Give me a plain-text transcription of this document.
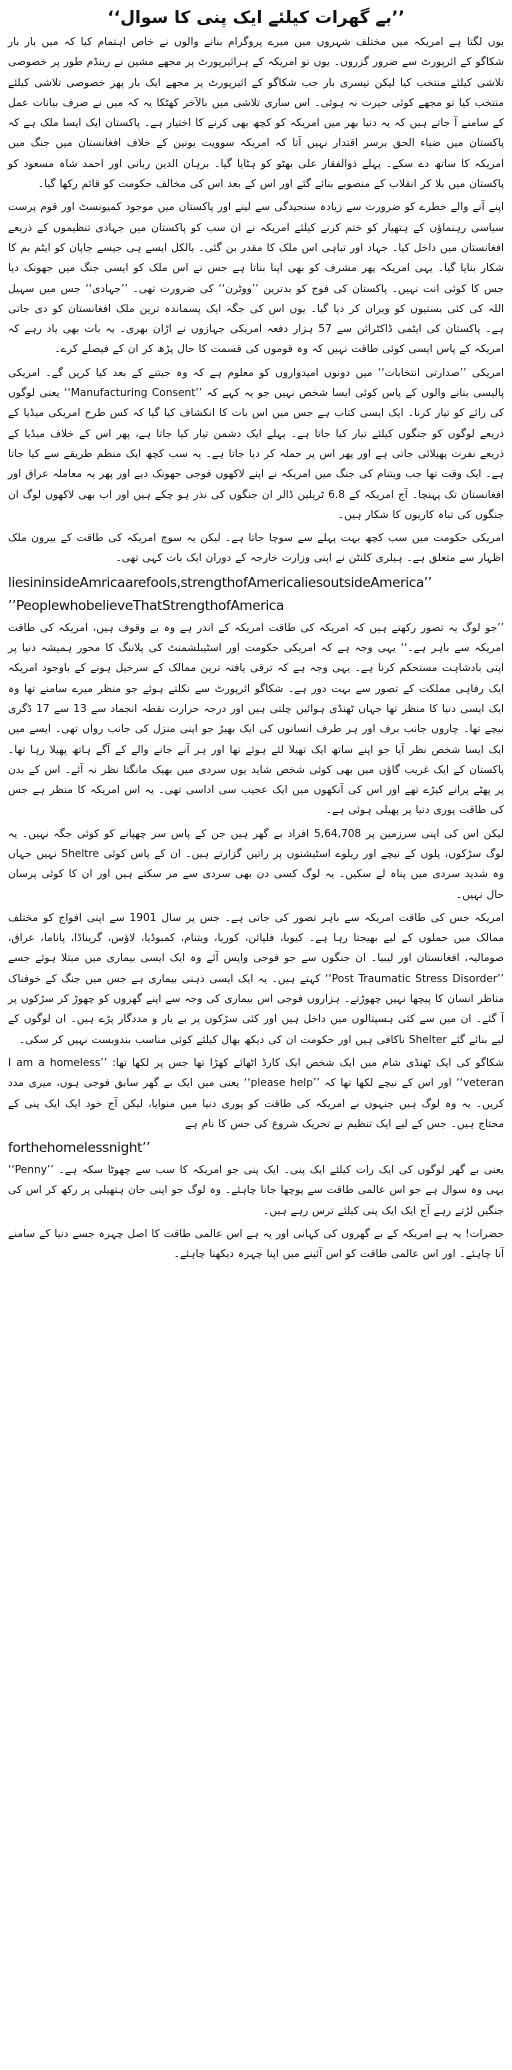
’’بے گھرات کیلئے ایک پنی کا سوال‘‘
یوں لگتا ہے امریکہ میں مختلف شہروں میں میرے پروگرام بنانے والوں نے خاص اہتمام کیا کہ میں بار بار شکاگو کے ائرپورٹ سے ضرور گزروں۔ یوں تو امریکہ کے ہرائیرپورٹ پر مجھے مشین نے رینڈم طور پر خصوصی تلاشی کیلئے منتخب کیا لیکن تیسری بار جب شکاگو کے ائیرپورٹ پر مجھے ایک بار پھر خصوصی تلاشی کیلئے منتخب کیا تو مجھے کوئی حیرت نہ ہوئی۔ اس ساری تلاشی میں بالآخر کھٹکا یہ کہ میں نے صرف بیانات عمل کے سامنے آ جاتے ہیں کہ یہ دنیا بھر میں امریکہ کو کچھ بھی کرنے کا اختیار ہے۔ پاکستان ایک ایسا ملک ہے کہ پاکستان میں ضیاء الحق برسر اقتدار نہیں آتا کہ امریکہ سوویت یونین کے خلاف افغانستان میں جنگ میں امریکہ کا ساتھ دے سکے۔ پہلے ذوالفقار علی بھٹو کو ہٹایا گیا۔ برہان الدین ربانی اور احمد شاہ مسعود کو پاکستان میں بلا کر انقلاب کے منصوبے بنائے گئے اور اس کے بعد اس کی مخالف حکومت کو قائم رکھا گیا۔
اپنے آنے والے خطرے کو ضرورت سے زیادہ سنجیدگی سے لینے اور پاکستان میں موجود کمیونسٹ اور قوم پرست سیاسی رہنماؤں کے ہتھیار کو ختم کرنے کیلئے امریکہ نے ان سب کو پاکستان میں جہادی تنظیموں کے ذریعے افغانستان میں داخل کیا۔ جہاد اور تباہی اس ملک کا مقدر بن گئی۔ بالکل ایسے ہی جیسے جاپان کو ایٹم بم کا شکار بنایا گیا۔ یہی امریکہ پھر مشرف کو بھی اپنا بناتا ہے جس نے اس ملک کو ایسی جنگ میں جھونک دیا جس کا کوئی انت نہیں۔ پاکستان کی فوج کو بدترین ’’ووٹرن‘‘ کی ضرورت تھی۔ ’’جہادی‘‘ جس میں سہیل اللہ کی کئی بستیوں کو ویران کر دیا گیا۔ یوں اس کی جگہ ایک پسماندہ ترین ملک افغانستان کو دی جاتی ہے۔ پاکستان کی ایٹمی ڈاکٹرائن سے 57 ہزار دفعہ امریکی جہازوں نے اڑان بھری۔ یہ بات بھی یاد رہے کہ امریکہ کے پاس ایسی کوئی طاقت نہیں کہ وہ قوموں کی قسمت کا حال پڑھ کر ان کے فیصلے کرے۔
امریکی ’’صدارتی انتخابات‘‘ میں دونوں امیدواروں کو معلوم ہے کہ وہ جیتنے کے بعد کیا کریں گے۔ امریکی پالیسی بنانے والوں کے پاس کوئی ایسا شخص نہیں جو یہ کہے کہ ’’Manufacturing Consent‘‘ یعنی لوگوں کی رائے کو تیار کرنا۔ ایک ایسی کتاب ہے جس میں اس بات کا انکشاف کیا گیا کہ کس طرح امریکی میڈیا کے ذریعے لوگوں کو جنگوں کیلئے تیار کیا جاتا ہے۔ پہلے ایک دشمن تیار کیا جاتا ہے، پھر اس کے خلاف میڈیا کے ذریعے نفرت پھیلائی جاتی ہے اور پھر اس پر حملہ کر دیا جاتا ہے۔ یہ سب کچھ ایک منظم طریقے سے کیا جاتا ہے۔ ایک وقت تھا جب ویتنام کی جنگ میں امریکہ نے اپنے لاکھوں فوجی جھونک دیے اور پھر یہ معاملہ عراق اور افغانستان تک پہنچا۔ آج امریکہ کے 6.8 ٹریلین ڈالر ان جنگوں کی نذر ہو چکے ہیں اور اب بھی لاکھوں لوگ ان جنگوں کی تباہ کاریوں کا شکار ہیں۔
امریکی حکومت میں سب کچھ بہت پہلے سے سوچا جاتا ہے۔ لیکن یہ سوچ امریکہ کی طاقت کے بیرون ملک اظہار سے متعلق ہے۔ ہیلری کلنٹن نے اپنی وزارت خارجہ کے دوران ایک بات کہی تھی۔
liesininsideAmricaarefools,strengthofAmericaliesoutsideAmerica’’
’’PeoplewhobelieveThatStrengthofAmerica
’’جو لوگ یہ تصور رکھتے ہیں کہ امریکہ کی طاقت امریکہ کے اندر ہے وہ بے وقوف ہیں، امریکہ کی طاقت امریکہ سے باہر ہے۔‘‘ یہی وجہ ہے کہ امریکی حکومت اور اسٹیبلشمنٹ کی پلاننگ کا محور ہمیشہ دنیا پر اپنی بادشاہت مستحکم کرنا ہے۔ یہی وجہ ہے کہ ترقی یافتہ ترین ممالک کے سرخیل ہونے کے باوجود امریکہ ایک رفاہی مملکت کے تصور سے بہت دور ہے۔ شکاگو ائرپورٹ سے نکلتے ہوئے جو منظر میرے سامنے تھا وہ ایک ایسی دنیا کا منظر تھا جہاں ٹھنڈی ہوائیں چلتی ہیں اور درجہ حرارت نقطہ انجماد سے 13 سے 17 ڈگری نیچے تھا۔ چاروں جانب برف اور ہر طرف انسانوں کی ایک بھیڑ جو اپنی منزل کی جانب رواں تھی۔ ایسے میں ایک ایسا شخص نظر آیا جو اپنے ساتھ ایک تھیلا لئے ہوئے تھا اور ہر آنے جانے والے کے آگے ہاتھ پھیلا رہا تھا۔ پاکستان کے ایک غریب گاؤں میں بھی کوئی شخص شاید یوں سردی میں بھیک مانگتا نظر نہ آئے۔ اس کے بدن پر پھٹے پرانے کپڑے تھے اور اس کی آنکھوں میں ایک عجیب سی اداسی تھی۔ یہ اس امریکہ کا منظر ہے جس کی طاقت پوری دنیا پر پھیلی ہوئی ہے۔
لیکن اس کی اپنی سرزمین پر 5,64,708 افراد بے گھر ہیں جن کے پاس سر چھپانے کو کوئی جگہ نہیں۔ یہ لوگ سڑکوں، پلوں کے نیچے اور ریلوے اسٹیشنوں پر راتیں گزارتے ہیں۔ ان کے پاس کوئی Sheltre نہیں جہاں وہ شدید سردی میں پناہ لے سکیں۔ یہ لوگ کسی دن بھی سردی سے مر سکتے ہیں اور ان کا کوئی پرسان حال نہیں۔
امریکہ جس کی طاقت امریکہ سے باہر تصور کی جاتی ہے۔ جس پر سال 1901 سے اپنی افواج کو مختلف ممالک میں حملوں کے لیے بھیجتا رہا ہے۔ کیوبا، فلپائن، کوریا، ویتنام، کمبوڈیا، لاؤس، گریناڈا، پاناما، عراق، صومالیہ، افغانستان اور لیبیا۔ ان جنگوں سے جو فوجی واپس آئے وہ ایک ایسی بیماری میں مبتلا ہوئے جسے ’’Post Traumatic Stress Disorder‘‘ کہتے ہیں۔ یہ ایک ایسی ذہنی بیماری ہے جس میں جنگ کے خوفناک مناظر انسان کا پیچھا نہیں چھوڑتے۔ ہزاروں فوجی اس بیماری کی وجہ سے اپنے گھروں کو چھوڑ کر سڑکوں پر آ گئے۔ ان میں سے کئی ہسپتالوں میں داخل ہیں اور کئی سڑکوں پر بے یار و مددگار پڑے ہیں۔ ان لوگوں کے لیے بنائے گئے Shelter ناکافی ہیں اور حکومت ان کی دیکھ بھال کیلئے کوئی مناسب بندوبست نہیں کر سکی۔
شکاگو کی ایک ٹھنڈی شام میں ایک شخص ایک کارڈ اٹھائے کھڑا تھا جس پر لکھا تھا: ’’I am a homeless veteran‘‘ اور اس کے نیچے لکھا تھا کہ ’’please help‘‘ یعنی میں ایک بے گھر سابق فوجی ہوں، میری مدد کریں۔ یہ وہ لوگ ہیں جنہوں نے امریکہ کی طاقت کو پوری دنیا میں منوایا، لیکن آج خود ایک ایک پنی کے محتاج ہیں۔ جس کے لیے ایک تنظیم نے تحریک شروع کی جس کا نام ہے
forthehomelessnight’’
یعنی بے گھر لوگوں کی ایک رات کیلئے ایک پنی۔ ایک پنی جو امریکہ کا سب سے چھوٹا سکہ ہے۔ ’’Penny‘‘ یہی وہ سوال ہے جو اس عالمی طاقت سے پوچھا جانا چاہئے۔ وہ لوگ جو اپنی جان ہتھیلی پر رکھ کر اس کی جنگیں لڑتے رہے آج ایک ایک پنی کیلئے ترس رہے ہیں۔
حضرات! یہ ہے امریکہ کے بے گھروں کی کہانی اور یہ ہے اس عالمی طاقت کا اصل چہرہ جسے دنیا کے سامنے آنا چاہئے۔ اور اس عالمی طاقت کو اس آئینے میں اپنا چہرہ دیکھنا چاہئے۔
